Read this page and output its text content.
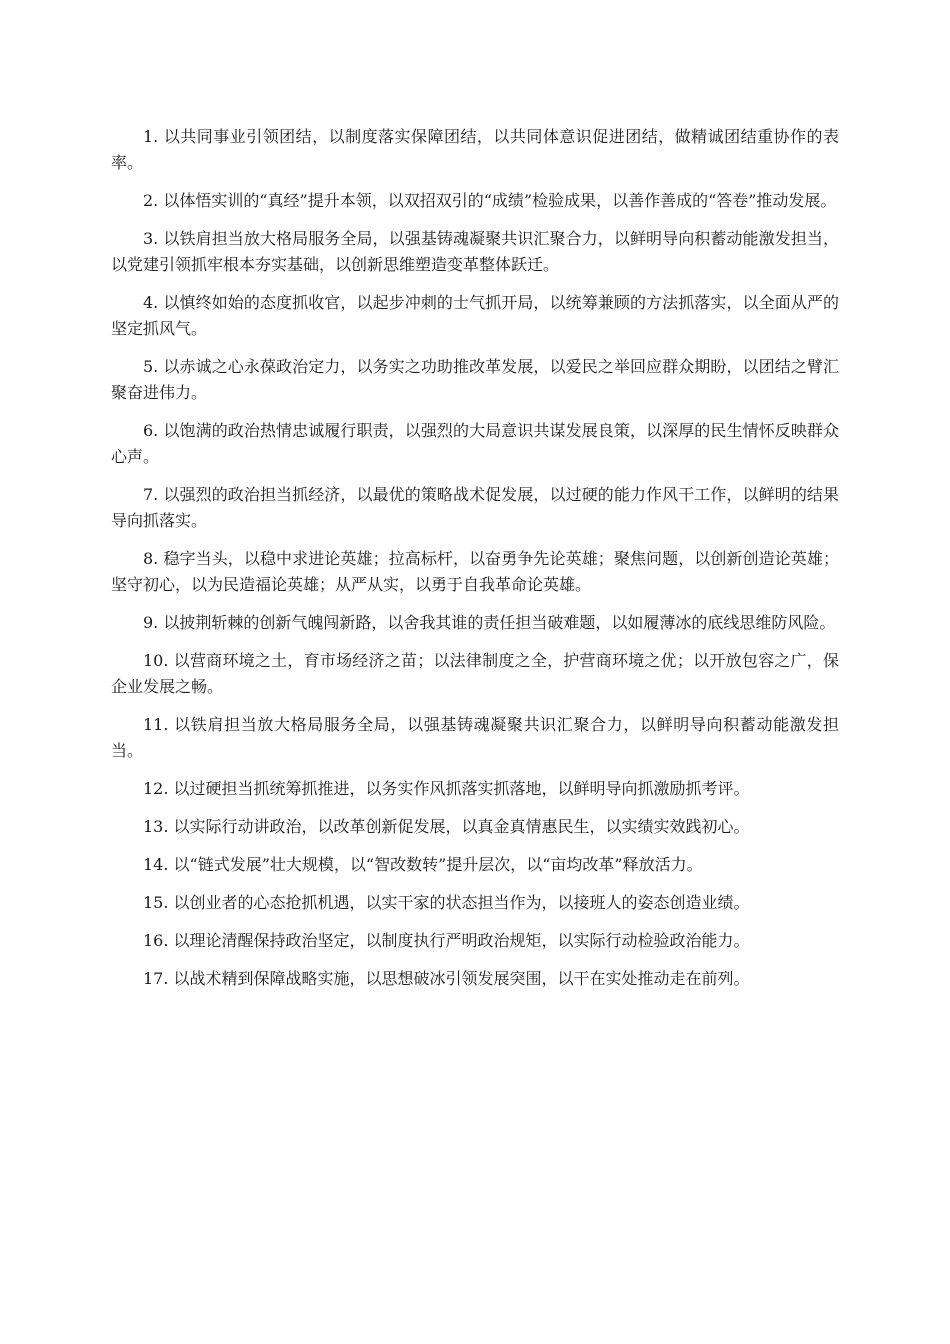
1. 以共同事业引领团结，以制度落实保障团结，以共同体意识促进团结，做精诚团结重协作的表率。

2. 以体悟实训的“真经”提升本领，以双招双引的“成绩”检验成果，以善作善成的“答卷”推动发展。

3. 以铁肩担当放大格局服务全局，以强基铸魂凝聚共识汇聚合力，以鲜明导向积蓄动能激发担当，以党建引领抓牢根本夯实基础，以创新思维塑造变革整体跃迁。

4. 以慎终如始的态度抓收官，以起步冲刺的士气抓开局，以统筹兼顾的方法抓落实，以全面从严的坚定抓风气。

5. 以赤诚之心永葆政治定力，以务实之功助推改革发展，以爱民之举回应群众期盼，以团结之臂汇聚奋进伟力。

6. 以饱满的政治热情忠诚履行职责，以强烈的大局意识共谋发展良策，以深厚的民生情怀反映群众心声。

7. 以强烈的政治担当抓经济，以最优的策略战术促发展，以过硬的能力作风干工作，以鲜明的结果导向抓落实。

8. 稳字当头，以稳中求进论英雄；拉高标杆，以奋勇争先论英雄；聚焦问题，以创新创造论英雄；坚守初心，以为民造福论英雄；从严从实，以勇于自我革命论英雄。

9. 以披荆斩棘的创新气魄闯新路，以舍我其谁的责任担当破难题，以如履薄冰的底线思维防风险。

10. 以营商环境之土，育市场经济之苗；以法律制度之全，护营商环境之优；以开放包容之广，保企业发展之畅。

11. 以铁肩担当放大格局服务全局，以强基铸魂凝聚共识汇聚合力，以鲜明导向积蓄动能激发担当。

12. 以过硬担当抓统筹抓推进，以务实作风抓落实抓落地，以鲜明导向抓激励抓考评。

13. 以实际行动讲政治，以改革创新促发展，以真金真情惠民生，以实绩实效践初心。

14. 以“链式发展”壮大规模，以“智改数转”提升层次，以“亩均改革”释放活力。

15. 以创业者的心态抢抓机遇，以实干家的状态担当作为，以接班人的姿态创造业绩。

16. 以理论清醒保持政治坚定，以制度执行严明政治规矩，以实际行动检验政治能力。

17. 以战术精到保障战略实施，以思想破冰引领发展突围，以干在实处推动走在前列。
